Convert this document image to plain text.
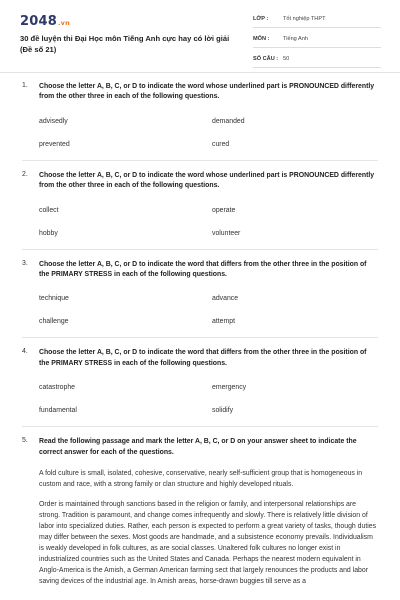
2048.vn
30 đề luyện thi Đại Học môn Tiếng Anh cực hay có lời giải (Đề số 21)
LỚP :	Tốt nghiệp THPT
MÔN : Tiếng Anh
SỐ CÂU : 50
1. Choose the letter A, B, C, or D to indicate the word whose underlined part is PRONOUNCED differently from the other three in each of the following questions.
advisedly	demanded
prevented	cured
2. Choose the letter A, B, C, or D to indicate the word whose underlined part is PRONOUNCED differently from the other three in each of the following questions.
collect	operate
hobby	volunteer
3. Choose the letter A, B, C, or D to indicate the word that differs from the other three in the position of the PRIMARY STRESS in each of the following questions.
technique	advance
challenge	attempt
4. Choose the letter A, B, C, or D to indicate the word that differs from the other three in the position of the PRIMARY STRESS in each of the following questions.
catastrophe	emergency
fundamental	solidify
5. Read the following passage and mark the letter A, B, C, or D on your answer sheet to indicate the correct answer for each of the questions.

A fold culture is small, isolated, cohesive, conservative, nearly self-sufficient group that is homogeneous in custom and race, with a strong family or clan structure and highly developed rituals.

Order is maintained through sanctions based in the religion or family, and interpersonal relationships are strong. Tradition is paramount, and change comes infrequently and slowly. There is relatively little division of labor into specialized duties. Rather, each person is expected to perform a great variety of tasks, though duties may differ between the sexes. Most goods are handmade, and a subsistence economy prevails. Individualism is weakly developed in folk cultures, as are social classes. Unaltered folk cultures no longer exist in industrialized countries such as the United States and Canada. Perhaps the nearest modern equivalent in Anglo-America is the Amish, a German American farming sect that largely renounces the products and labor saving devices of the industrial age. In Amish areas, horse-drawn buggies till serve as a
